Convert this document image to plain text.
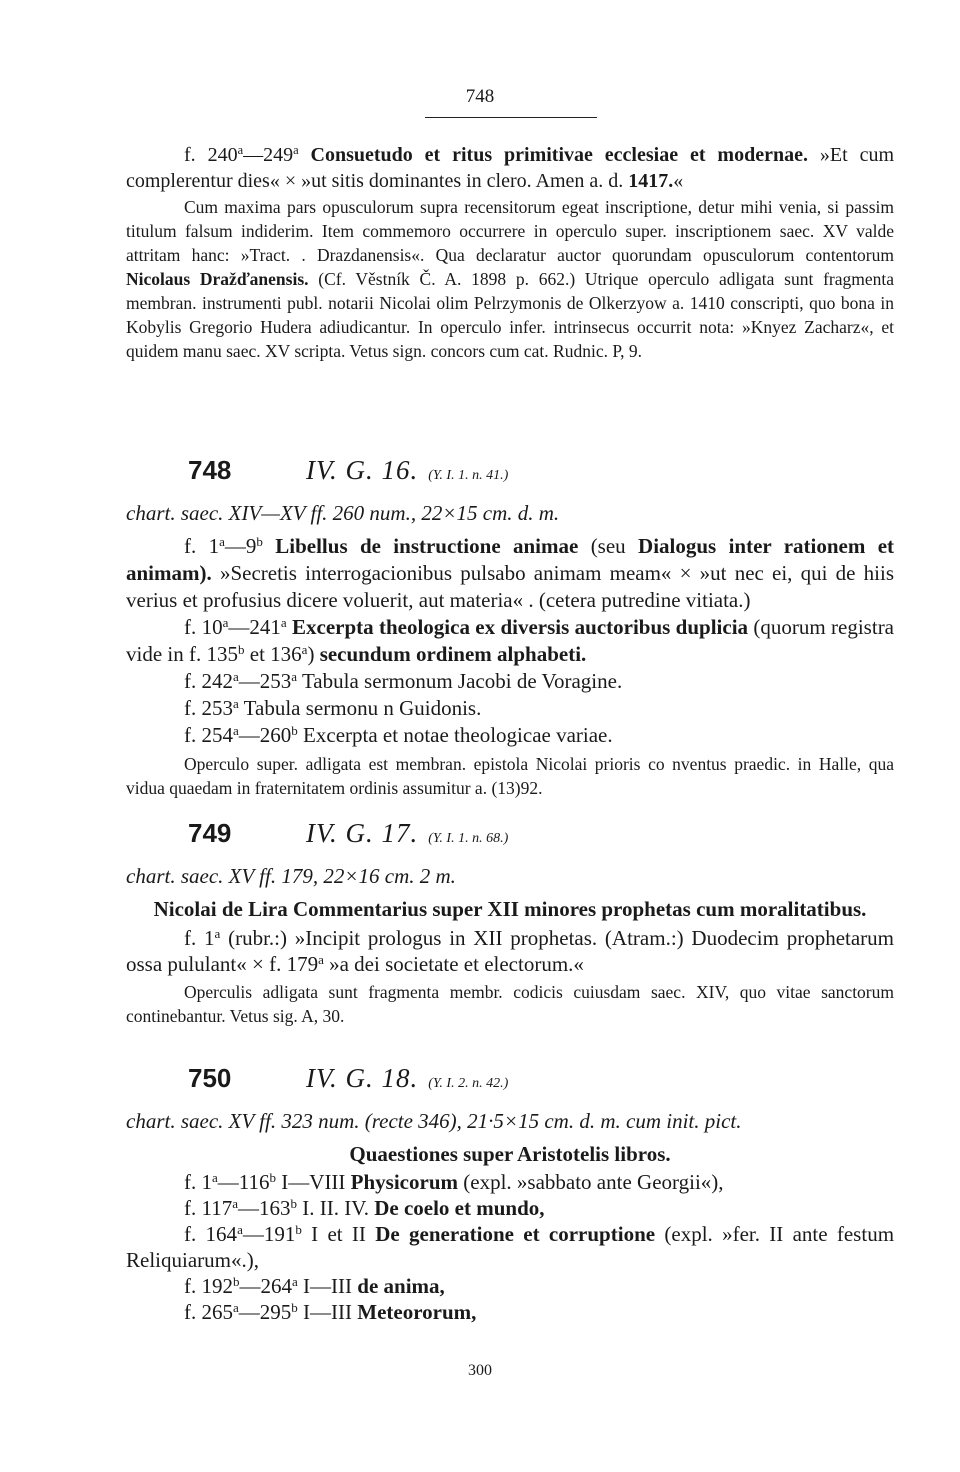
748

f. 240$^a$—249$^a$ Consuetudo et ritus primitivae ecclesiae et modernae. »Et cum complerentur dies« × »ut sitis dominantes in clero. Amen a. d. 1417.«

Cum maxima pars opusculorum supra recensitorum egeat inscriptione, detur mihi venia, si passim titulum falsum indiderim. Item commemoro occurrere in operculo super. inscriptionem saec. XV valde attritam hanc: »Tract. . Drazdanensis«. Qua declaratur auctor quorundam opusculorum contentorum Nicolaus Dražďanensis. (Cf. Věstník Č. A. 1898 p. 662.) Utrique operculo adligata sunt fragmenta membran. instrumenti publ. notarii Nicolai olim Pelrzymonis de Olkerzyow a. 1410 conscripti, quo bona in Kobylis Gregorio Hudera adiudicantur. In operculo infer. intrinsecus occurrit nota: »Knyez Zacharz«, et quidem manu saec. XV scripta. Vetus sign. concors cum cat. Rudnic. P, 9.

748	IV. G. 16. (Y. I. 1. n. 41.)

chart. saec. XIV—XV ff. 260 num., 22×15 cm. d. m.

f. 1$^a$—9$^b$ Libellus de instructione animae (seu Dialogus inter rationem et animam). »Secretis interrogacionibus pulsabo animam meam« × »ut nec ei, qui de hiis verius et profusius dicere voluerit, aut materia« . (cetera putredine vitiata.)

f. 10$^a$—241$^a$ Excerpta theologica ex diversis auctoribus duplicia (quorum registra vide in f. 135$^b$ et 136$^a$) secundum ordinem alphabeti.

f. 242$^a$—253$^a$ Tabula sermonum Jacobi de Voragine.

f. 253$^a$ Tabula sermonu n Guidonis.

f. 254$^a$—260$^b$ Excerpta et notae theologicae variae.

Operculo super. adligata est membran. epistola Nicolai prioris co nventus praedic. in Halle, qua vidua quaedam in fraternitatem ordinis assumitur a. (13)92.

749	IV. G. 17. (Y. I. 1. n. 68.)

chart. saec. XV ff. 179, 22×16 cm. 2 m.

Nicolai de Lira Commentarius super XII minores prophetas cum moralitatibus.

f. 1$^a$ (rubr.:) »Incipit prologus in XII prophetas. (Atram.:) Duodecim prophetarum ossa pululant« × f. 179$^a$ »a dei societate et electorum.«

Operculis adligata sunt fragmenta membr. codicis cuiusdam saec. XIV, quo vitae sanctorum continebantur. Vetus sig. A, 30.

750	IV. G. 18. (Y. I. 2. n. 42.)

chart. saec. XV ff. 323 num. (recte 346), 21·5×15 cm. d. m. cum init. pict.

Quaestiones super Aristotelis libros.

f. 1$^a$—116$^b$ I—VIII Physicorum (expl. »sabbato ante Georgii«),

f. 117$^a$—163$^b$ I. II. IV. De coelo et mundo,

f. 164$^a$—191$^b$ I et II De generatione et corruptione (expl. »fer. II ante festum Reliquiarum«.),

f. 192$^b$—264$^a$ I—III de anima,

f. 265$^a$—295$^b$ I—III Meteororum,

300
